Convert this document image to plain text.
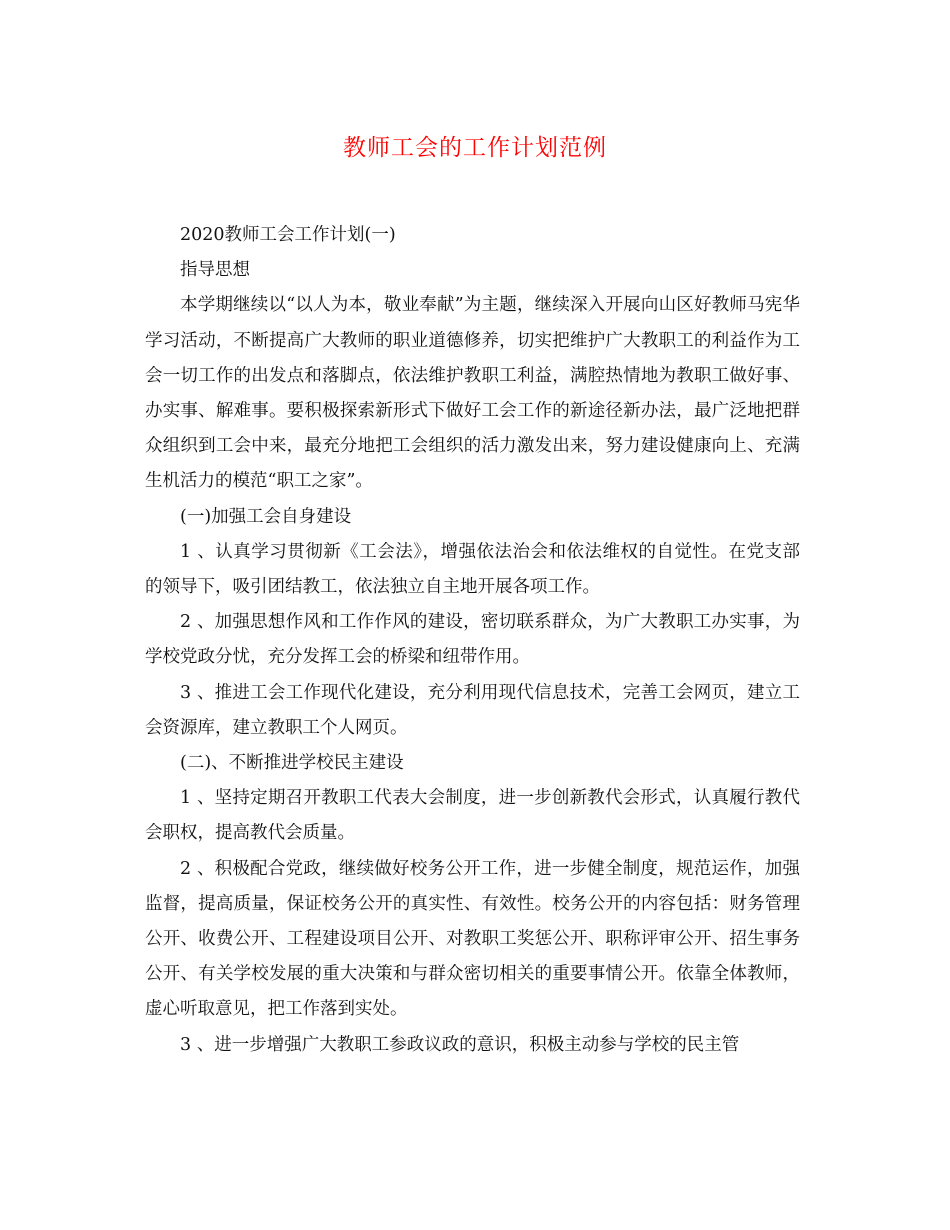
教师工会的工作计划范例

2020教师工会工作计划(一)

指导思想

本学期继续以“以人为本，敬业奉献”为主题，继续深入开展向山区好教师马宪华学习活动，不断提高广大教师的职业道德修养，切实把维护广大教职工的利益作为工会一切工作的出发点和落脚点，依法维护教职工利益，满腔热情地为教职工做好事、办实事、解难事。要积极探索新形式下做好工会工作的新途径新办法，最广泛地把群众组织到工会中来，最充分地把工会组织的活力激发出来，努力建设健康向上、充满生机活力的模范“职工之家”。

(一)加强工会自身建设

1 、认真学习贯彻新《工会法》，增强依法治会和依法维权的自觉性。在党支部的领导下，吸引团结教工，依法独立自主地开展各项工作。

2 、加强思想作风和工作作风的建设，密切联系群众，为广大教职工办实事，为学校党政分忧，充分发挥工会的桥梁和纽带作用。

3 、推进工会工作现代化建设，充分利用现代信息技术，完善工会网页，建立工会资源库，建立教职工个人网页。

(二)、不断推进学校民主建设

1 、坚持定期召开教职工代表大会制度，进一步创新教代会形式，认真履行教代会职权，提高教代会质量。

2 、积极配合党政，继续做好校务公开工作，进一步健全制度，规范运作，加强监督，提高质量，保证校务公开的真实性、有效性。校务公开的内容包括：财务管理公开、收费公开、工程建设项目公开、对教职工奖惩公开、职称评审公开、招生事务公开、有关学校发展的重大决策和与群众密切相关的重要事情公开。依靠全体教师，虚心听取意见，把工作落到实处。

3 、进一步增强广大教职工参政议政的意识，积极主动参与学校的民主管
